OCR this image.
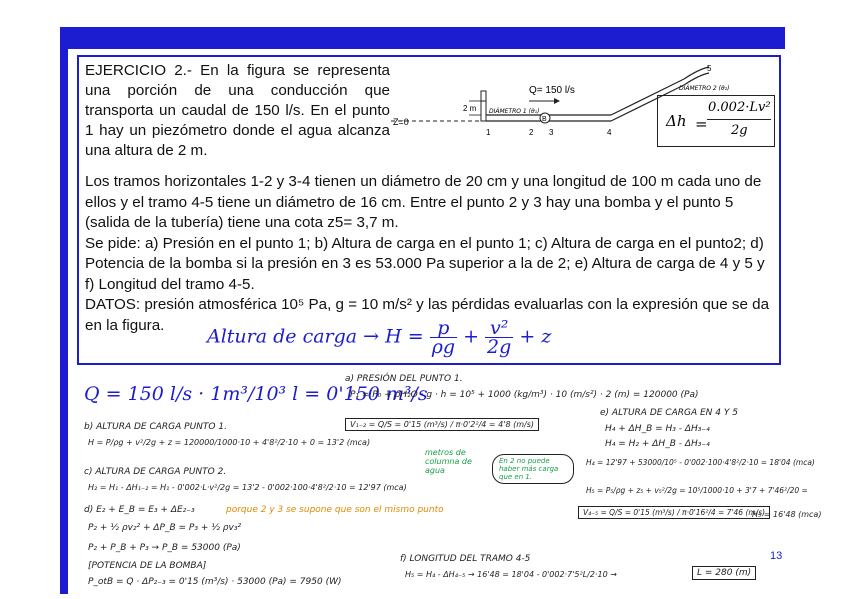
EJERCICIO 2.- En la figura se representa una porción de una conducción que transporta un caudal de 150 l/s. En el punto 1 hay un piezómetro donde el agua alcanza una altura de 2 m.
Z=0
2 m
B
Q= 150 l/s
DIÁMETRO 1 (θ₁)
DIÁMETRO 2 (θ₂)
1	2 3	4
5
Δh =
0.002·Lv²
2g

Los tramos horizontales 1-2 y 3-4 tienen un diámetro de 20 cm y una longitud de 100 m cada uno de ellos y el tramo 4-5 tiene un diámetro de 16 cm. Entre el punto 2 y 3 hay una bomba y el punto 5 (salida de la tubería) tiene una cota z5= 3,7 m.

Se pide: a) Presión en el punto 1; b) Altura de carga en el punto 1; c) Altura de carga en el punto2; d) Potencia de la bomba si la presión en 3 es 53.000 Pa superior a la de 2; e) Altura de carga de 4 y 5 y f) Longitud del tramo 4-5.

DATOS: presión atmosférica 10⁵ Pa, g = 10 m/s² y las pérdidas evaluarlas con la expresión que se da en la figura.

Altura de carga → $H = \frac{p}{\rho g} + \frac{\text{v²}}{2g} + z$
Q = 150 l/s · 1m³/10³ l = 0'150 m³/s
a) PRESIÓN DEL PUNTO 1.
P₁ = P₀ + ρH₂O · g · h = 10⁵ + 1000 (kg/m³) · 10 (m/s²) · 2 (m) = 120000 (Pa)
b) ALTURA DE CARGA PUNTO 1.
H = P/ρg + v²/2g + z = 120000/1000·10 + 4'8²/2·10 + 0 = 13'2 (mca)
V₁₋₂ = Q/S = 0'15 (m³/s) / π·0'2²/4 = 4'8 (m/s)
metros de columna de agua
En 2 no puede haber más carga que en 1.
c) ALTURA DE CARGA PUNTO 2.
H₂ = H₁ - ΔH₁₋₂ = H₁ - 0'002·L·v²/2g = 13'2 - 0'002·100·4'8²/2·10 = 12'97 (mca)
d) E₂ + E_B = E₃ + ΔE₂₋₃	porque 2 y 3 se supone que son el mismo punto
P₂ + ½ ρv₂² + ΔP_B = P₃ + ½ ρv₃²
P₂ + P_B + P₃ → P_B = 53000 (Pa)
[POTENCIA DE LA BOMBA]
P_otB = Q · ΔP₂₋₃ = 0'15 (m³/s) · 53000 (Pa) = 7950 (W)
e) ALTURA DE CARGA EN 4 Y 5
H₄ + ΔH_B = H₃ - ΔH₃₋₄
H₄ = H₂ + ΔH_B - ΔH₃₋₄
H₄ = 12'97 + 53000/10⁵ - 0'002·100·4'8²/2·10 = 18'04 (mca)
H₅ = P₅/ρg + z₅ + v₅²/2g = 10⁵/1000·10 + 3'7 + 7'46²/20 =
V₄₋₅ = Q/S = 0'15 (m³/s) / π·0'16²/4 = 7'46 (m/s)
H₅ = 16'48 (mca)
f) LONGITUD DEL TRAMO 4-5
H₅ = H₄ - ΔH₄₋₅ → 16'48 = 18'04 - 0'002·7'5²L/2·10 →	L = 280 (m)
13
